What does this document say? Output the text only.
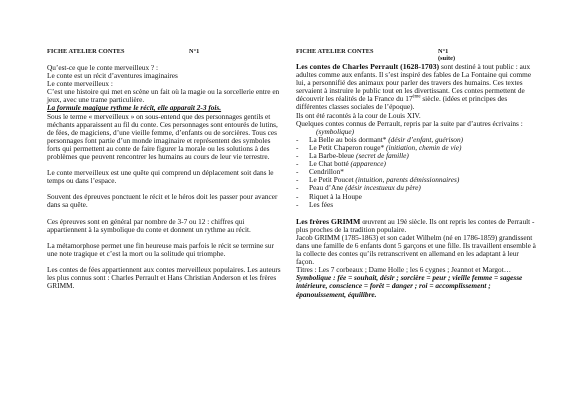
FICHE ATELIER CONTES	N°1

Qu’est-ce que le conte merveilleux ? :

Le conte est un récit d’aventures imaginaires

Le conte merveilleux :

C’est une histoire qui met en scène un fait où la magie ou la sorcellerie entre en jeux, avec une trame particulière.

La formule magique rythme le récit, elle apparaît 2-3 fois.

Sous le terme « merveilleux » on sous-entend que des personnages gentils et méchants apparaissent au fil du conte. Ces personnages sont entourés de lutins, de fées, de magiciens, d’une vieille femme, d’enfants ou de sorcières. Tous ces personnages font partie d’un monde imaginaire et représentent des symboles forts qui permettent au conte de faire figurer la morale ou les solutions à des problèmes que peuvent rencontrer les humains au cours de leur vie terrestre.

Le conte merveilleux est une quête qui comprend un déplacement soit dans le temps ou dans l’espace.

Souvent des épreuves ponctuent le récit et le héros doit les passer pour avancer dans sa quête.

Ces épreuves sont en général par nombre de 3-7 ou 12 : chiffres qui appartiennent à la symbolique du conte et donnent un rythme au récit.

La métamorphose permet une fin heureuse mais parfois le récit se termine sur une note tragique et c’est la mort ou la solitude qui triomphe.

Les contes de fées appartiennent aux contes merveilleux populaires. Les auteurs les plus connus sont : Charles Perrault et Hans Christian Anderson et les frères GRIMM.

FICHE ATELIER CONTES	N°1 (suite)

Les contes de Charles Perrault (1628-1703) sont destiné à tout public : aux adultes comme aux enfants. Il s’est inspiré des fables de La Fontaine qui comme lui, a personnifié des animaux pour parler des travers des humains. Ces textes servaient à instruire le public tout en les divertissant. Ces contes permettent de découvrir les réalités de la France du 17ème siècle. (idées et principes des différentes classes sociales de l’époque).

Ils ont été racontés à la cour de Louis XIV.

Quelques contes connus de Perrault, repris par la suite par d’autres écrivains : (symbolique)

- La Belle au bois dormant* (désir d’enfant, guérison)
- Le Petit Chaperon rouge* (initiation, chemin de vie)
- La Barbe-bleue (secret de famille)
- Le Chat botté (apparence)
- Cendrillon*
- Le Petit Poucet (intuition, parents démissionnaires)
- Peau d’Ane (désir incestueux du père)
- Riquet à la Houpe
- Les fées

Les frères GRIMM œuvrent au 19è siècle. Ils ont repris les contes de Perrault - plus proches de la tradition populaire.

Jacob GRIMM (1785-1863) et son cadet Wilhelm (né en 1786-1859) grandissent dans une famille de 6 enfants dont 5 garçons et une fille. Ils travaillent ensemble à la collecte des contes qu’ils retranscrivent en allemand en les adaptant à leur façon.

Titres : Les 7 corbeaux ; Dame Holle ; les 6 cygnes ; Jeannot et Margot…

Symbolique : fée = souhait, désir ; sorcière = peur ; vieille femme = sagesse intérieure, conscience = forêt = danger ; roi = accomplissement ; épanouissement, équilibre.
